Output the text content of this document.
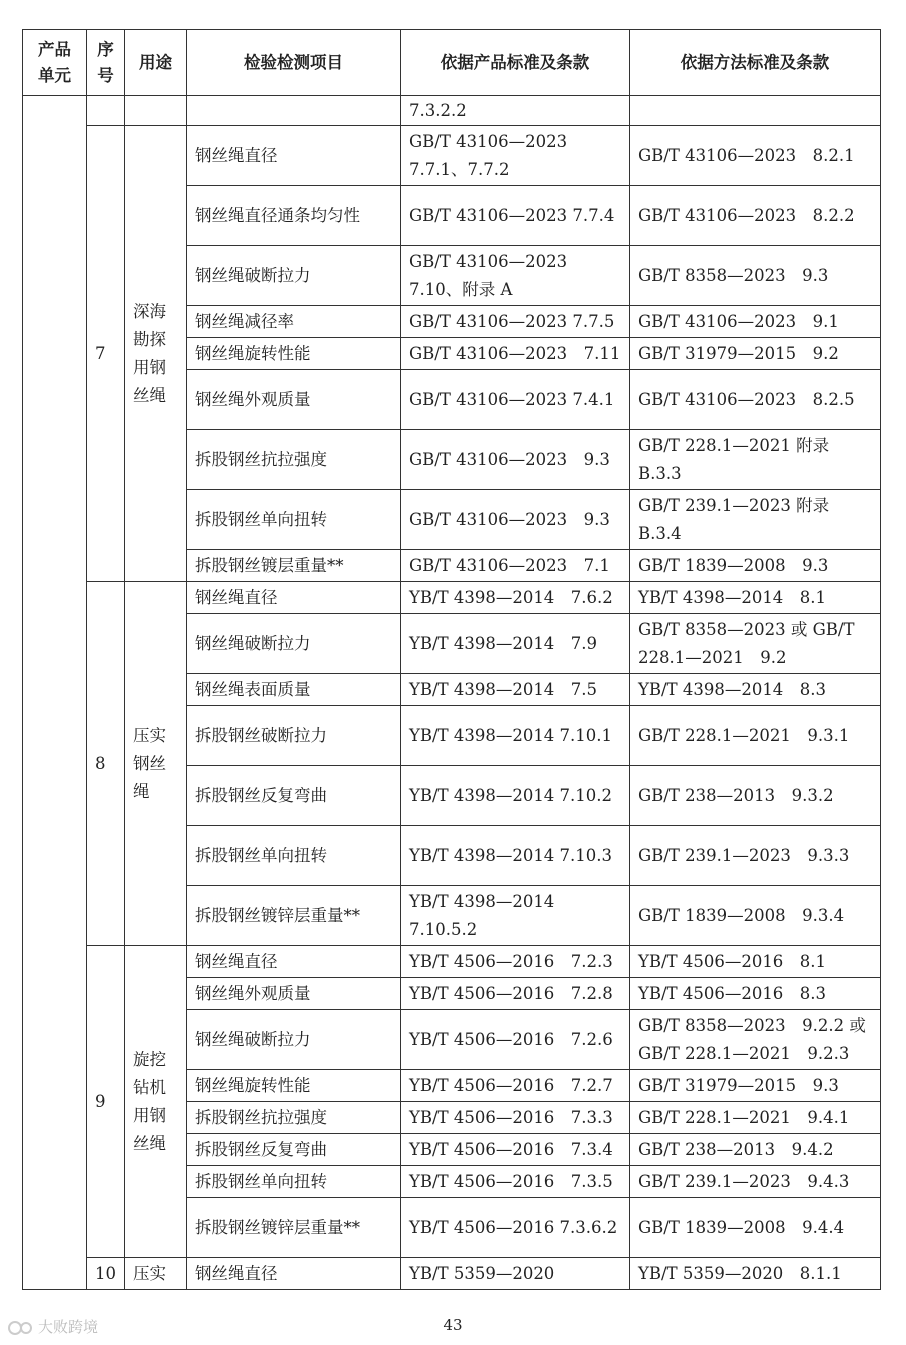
产品单元	序号	用途	检验检测项目	依据产品标准及条款	依据方法标准及条款
				7.3.2.2	
	7	深海勘探用钢丝绳	钢丝绳直径	GB/T 43106—2023 7.7.1、7.7.2	GB/T 43106—2023　8.2.1
			钢丝绳直径通条均匀性	GB/T 43106—2023 7.7.4	GB/T 43106—2023　8.2.2
			钢丝绳破断拉力	GB/T 43106—2023 7.10、附录 A	GB/T 8358—2023　9.3
			钢丝绳减径率	GB/T 43106—2023 7.7.5	GB/T 43106—2023　9.1
			钢丝绳旋转性能	GB/T 43106—2023　7.11	GB/T 31979—2015　9.2
			钢丝绳外观质量	GB/T 43106—2023 7.4.1	GB/T 43106—2023　8.2.5
			拆股钢丝抗拉强度	GB/T 43106—2023　9.3	GB/T 228.1—2021 附录 B.3.3
			拆股钢丝单向扭转	GB/T 43106—2023　9.3	GB/T 239.1—2023 附录 B.3.4
			拆股钢丝镀层重量**	GB/T 43106—2023　7.1	GB/T 1839—2008　9.3
	8	压实钢丝绳	钢丝绳直径	YB/T 4398—2014　7.6.2	YB/T 4398—2014　8.1
			钢丝绳破断拉力	YB/T 4398—2014　7.9	GB/T 8358—2023 或 GB/T 228.1—2021　9.2
			钢丝绳表面质量	YB/T 4398—2014　7.5	YB/T 4398—2014　8.3
			拆股钢丝破断拉力	YB/T 4398—2014 7.10.1	GB/T 228.1—2021　9.3.1
			拆股钢丝反复弯曲	YB/T 4398—2014 7.10.2	GB/T 238—2013　9.3.2
			拆股钢丝单向扭转	YB/T 4398—2014 7.10.3	GB/T 239.1—2023　9.3.3
			拆股钢丝镀锌层重量**	YB/T 4398—2014 7.10.5.2	GB/T 1839—2008　9.3.4
	9	旋挖钻机用钢丝绳	钢丝绳直径	YB/T 4506—2016　7.2.3	YB/T 4506—2016　8.1
			钢丝绳外观质量	YB/T 4506—2016　7.2.8	YB/T 4506—2016　8.3
			钢丝绳破断拉力	YB/T 4506—2016　7.2.6	GB/T 8358—2023　9.2.2 或 GB/T 228.1—2021　9.2.3
			钢丝绳旋转性能	YB/T 4506—2016　7.2.7	GB/T 31979—2015　9.3
			拆股钢丝抗拉强度	YB/T 4506—2016　7.3.3	GB/T 228.1—2021　9.4.1
			拆股钢丝反复弯曲	YB/T 4506—2016　7.3.4	GB/T 238—2013　9.4.2
			拆股钢丝单向扭转	YB/T 4506—2016　7.3.5	GB/T 239.1—2023　9.4.3
			拆股钢丝镀锌层重量**	YB/T 4506—2016 7.3.6.2	GB/T 1839—2008　9.4.4
	10	压实	钢丝绳直径	YB/T 5359—2020	YB/T 5359—2020　8.1.1
大败跨境	43
